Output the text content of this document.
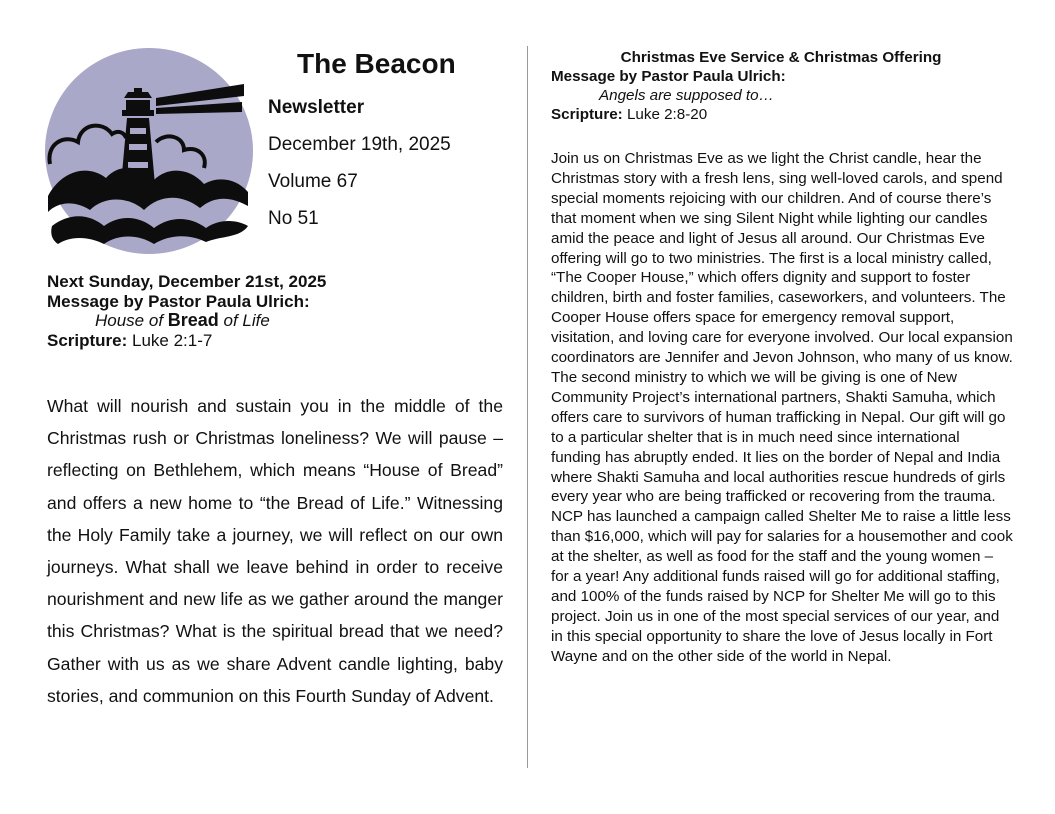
The Beacon
Newsletter
December 19th, 2025
Volume 67
No 51
Next Sunday, December 21st, 2025
Message by Pastor Paula Ulrich:
House of Bread of Life
Scripture: Luke 2:1-7

What will nourish and sustain you in the middle of the Christmas rush or Christmas loneliness? We will pause – reflecting on Bethlehem, which means “House of Bread” and offers a new home to “the Bread of Life.” Witnessing the Holy Family take a journey, we will reflect on our own journeys. What shall we leave behind in order to receive nourishment and new life as we gather around the manger this Christmas? What is the spiritual bread that we need? Gather with us as we share Advent candle lighting, baby stories, and communion on this Fourth Sunday of Advent.

Christmas Eve Service & Christmas Offering
Message by Pastor Paula Ulrich:
Angels are supposed to…
Scripture: Luke 2:8-20

Join us on Christmas Eve as we light the Christ candle, hear the Christmas story with a fresh lens, sing well-loved carols, and spend special moments rejoicing with our children. And of course there’s that moment when we sing Silent Night while lighting our candles amid the peace and light of Jesus all around. Our Christmas Eve offering will go to two ministries. The first is a local ministry called, “The Cooper House,” which offers dignity and support to foster children, birth and foster families, caseworkers, and volunteers. The Cooper House offers space for emergency removal support, visitation, and loving care for everyone involved. Our local expansion coordinators are Jennifer and Jevon Johnson, who many of us know. The second ministry to which we will be giving is one of New Community Project’s international partners, Shakti Samuha, which offers care to survivors of human trafficking in Nepal. Our gift will go to a particular shelter that is in much need since international funding has abruptly ended. It lies on the border of Nepal and India where Shakti Samuha and local authorities rescue hundreds of girls every year who are being trafficked or recovering from the trauma. NCP has launched a campaign called Shelter Me to raise a little less than $16,000, which will pay for salaries for a housemother and cook at the shelter, as well as food for the staff and the young women – for a year! Any additional funds raised will go for additional staffing, and 100% of the funds raised by NCP for Shelter Me will go to this project. Join us in one of the most special services of our year, and in this special opportunity to share the love of Jesus locally in Fort Wayne and on the other side of the world in Nepal.
